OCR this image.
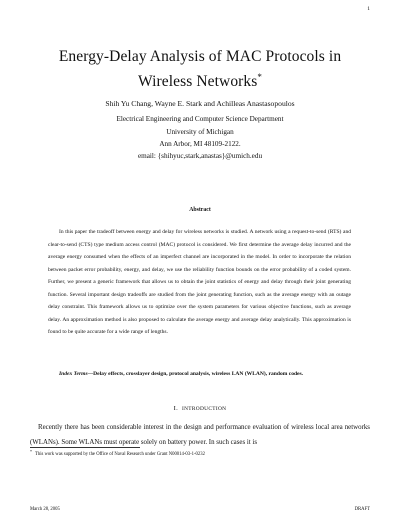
1
Energy-Delay Analysis of MAC Protocols in
Wireless Networks*
Shih Yu Chang, Wayne E. Stark and Achilleas Anastasopoulos
Electrical Engineering and Computer Science Department
University of Michigan
Ann Arbor, MI 48109-2122.
email: {shihyuc,stark,anastas}@umich.edu
Abstract

In this paper the tradeoff between energy and delay for wireless networks is studied. A network using a request-to-send (RTS) and clear-to-send (CTS) type medium access control (MAC) protocol is considered. We first determine the average delay incurred and the average energy consumed when the effects of an imperfect channel are incorporated in the model. In order to incorporate the relation between packet error probability, energy, and delay, we use the reliability function bounds on the error probability of a coded system. Further, we present a generic framework that allows us to obtain the joint statistics of energy and delay through their joint generating function. Several important design tradeoffs are studied from the joint generating function, such as the average energy with an outage delay constraint. This framework allows us to optimize over the system parameters for various objective functions, such as average delay. An approximation method is also proposed to calculate the average energy and average delay analytically. This approximation is found to be quite accurate for a wide range of lengths.

Index Terms—Delay effects, crosslayer design, protocol analysis, wireless LAN (WLAN), random codes.
I. INTRODUCTION

Recently there has been considerable interest in the design and performance evaluation of wireless local area networks (WLANs). Some WLANs must operate solely on battery power. In such cases it is

*This work was supported by the Office of Naval Research under Grant N00014-03-1-0232
March 28, 2005	DRAFT
